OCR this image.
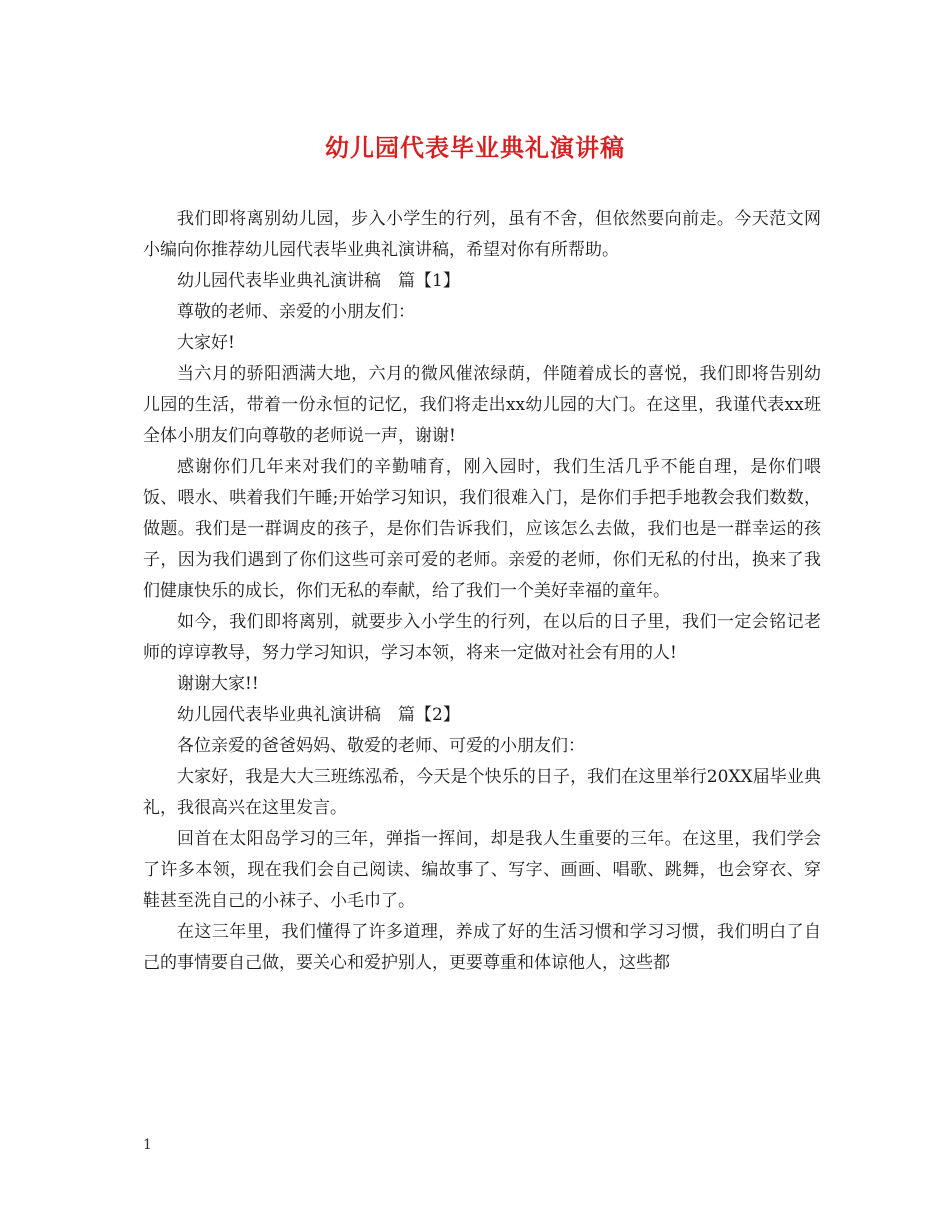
幼儿园代表毕业典礼演讲稿

我们即将离别幼儿园，步入小学生的行列，虽有不舍，但依然要向前走。今天范文网小编向你推荐幼儿园代表毕业典礼演讲稿，希望对你有所帮助。

幼儿园代表毕业典礼演讲稿　篇【1】

尊敬的老师、亲爱的小朋友们：

大家好!

当六月的骄阳洒满大地，六月的微风催浓绿荫，伴随着成长的喜悦，我们即将告别幼儿园的生活，带着一份永恒的记忆，我们将走出xx幼儿园的大门。在这里，我谨代表xx班全体小朋友们向尊敬的老师说一声，谢谢!

感谢你们几年来对我们的辛勤哺育，刚入园时，我们生活几乎不能自理，是你们喂饭、喂水、哄着我们午睡;开始学习知识，我们很难入门，是你们手把手地教会我们数数，做题。我们是一群调皮的孩子，是你们告诉我们，应该怎么去做，我们也是一群幸运的孩子，因为我们遇到了你们这些可亲可爱的老师。亲爱的老师，你们无私的付出，换来了我们健康快乐的成长，你们无私的奉献，给了我们一个美好幸福的童年。

如今，我们即将离别，就要步入小学生的行列，在以后的日子里，我们一定会铭记老师的谆谆教导，努力学习知识，学习本领，将来一定做对社会有用的人!

谢谢大家!!

幼儿园代表毕业典礼演讲稿　篇【2】

各位亲爱的爸爸妈妈、敬爱的老师、可爱的小朋友们：

大家好，我是大大三班练泓希，今天是个快乐的日子，我们在这里举行20XX届毕业典礼，我很高兴在这里发言。

回首在太阳岛学习的三年，弹指一挥间，却是我人生重要的三年。在这里，我们学会了许多本领，现在我们会自己阅读、编故事了、写字、画画、唱歌、跳舞，也会穿衣、穿鞋甚至洗自己的小袜子、小毛巾了。

在这三年里，我们懂得了许多道理，养成了好的生活习惯和学习习惯，我们明白了自己的事情要自己做，要关心和爱护别人，更要尊重和体谅他人，这些都

1
